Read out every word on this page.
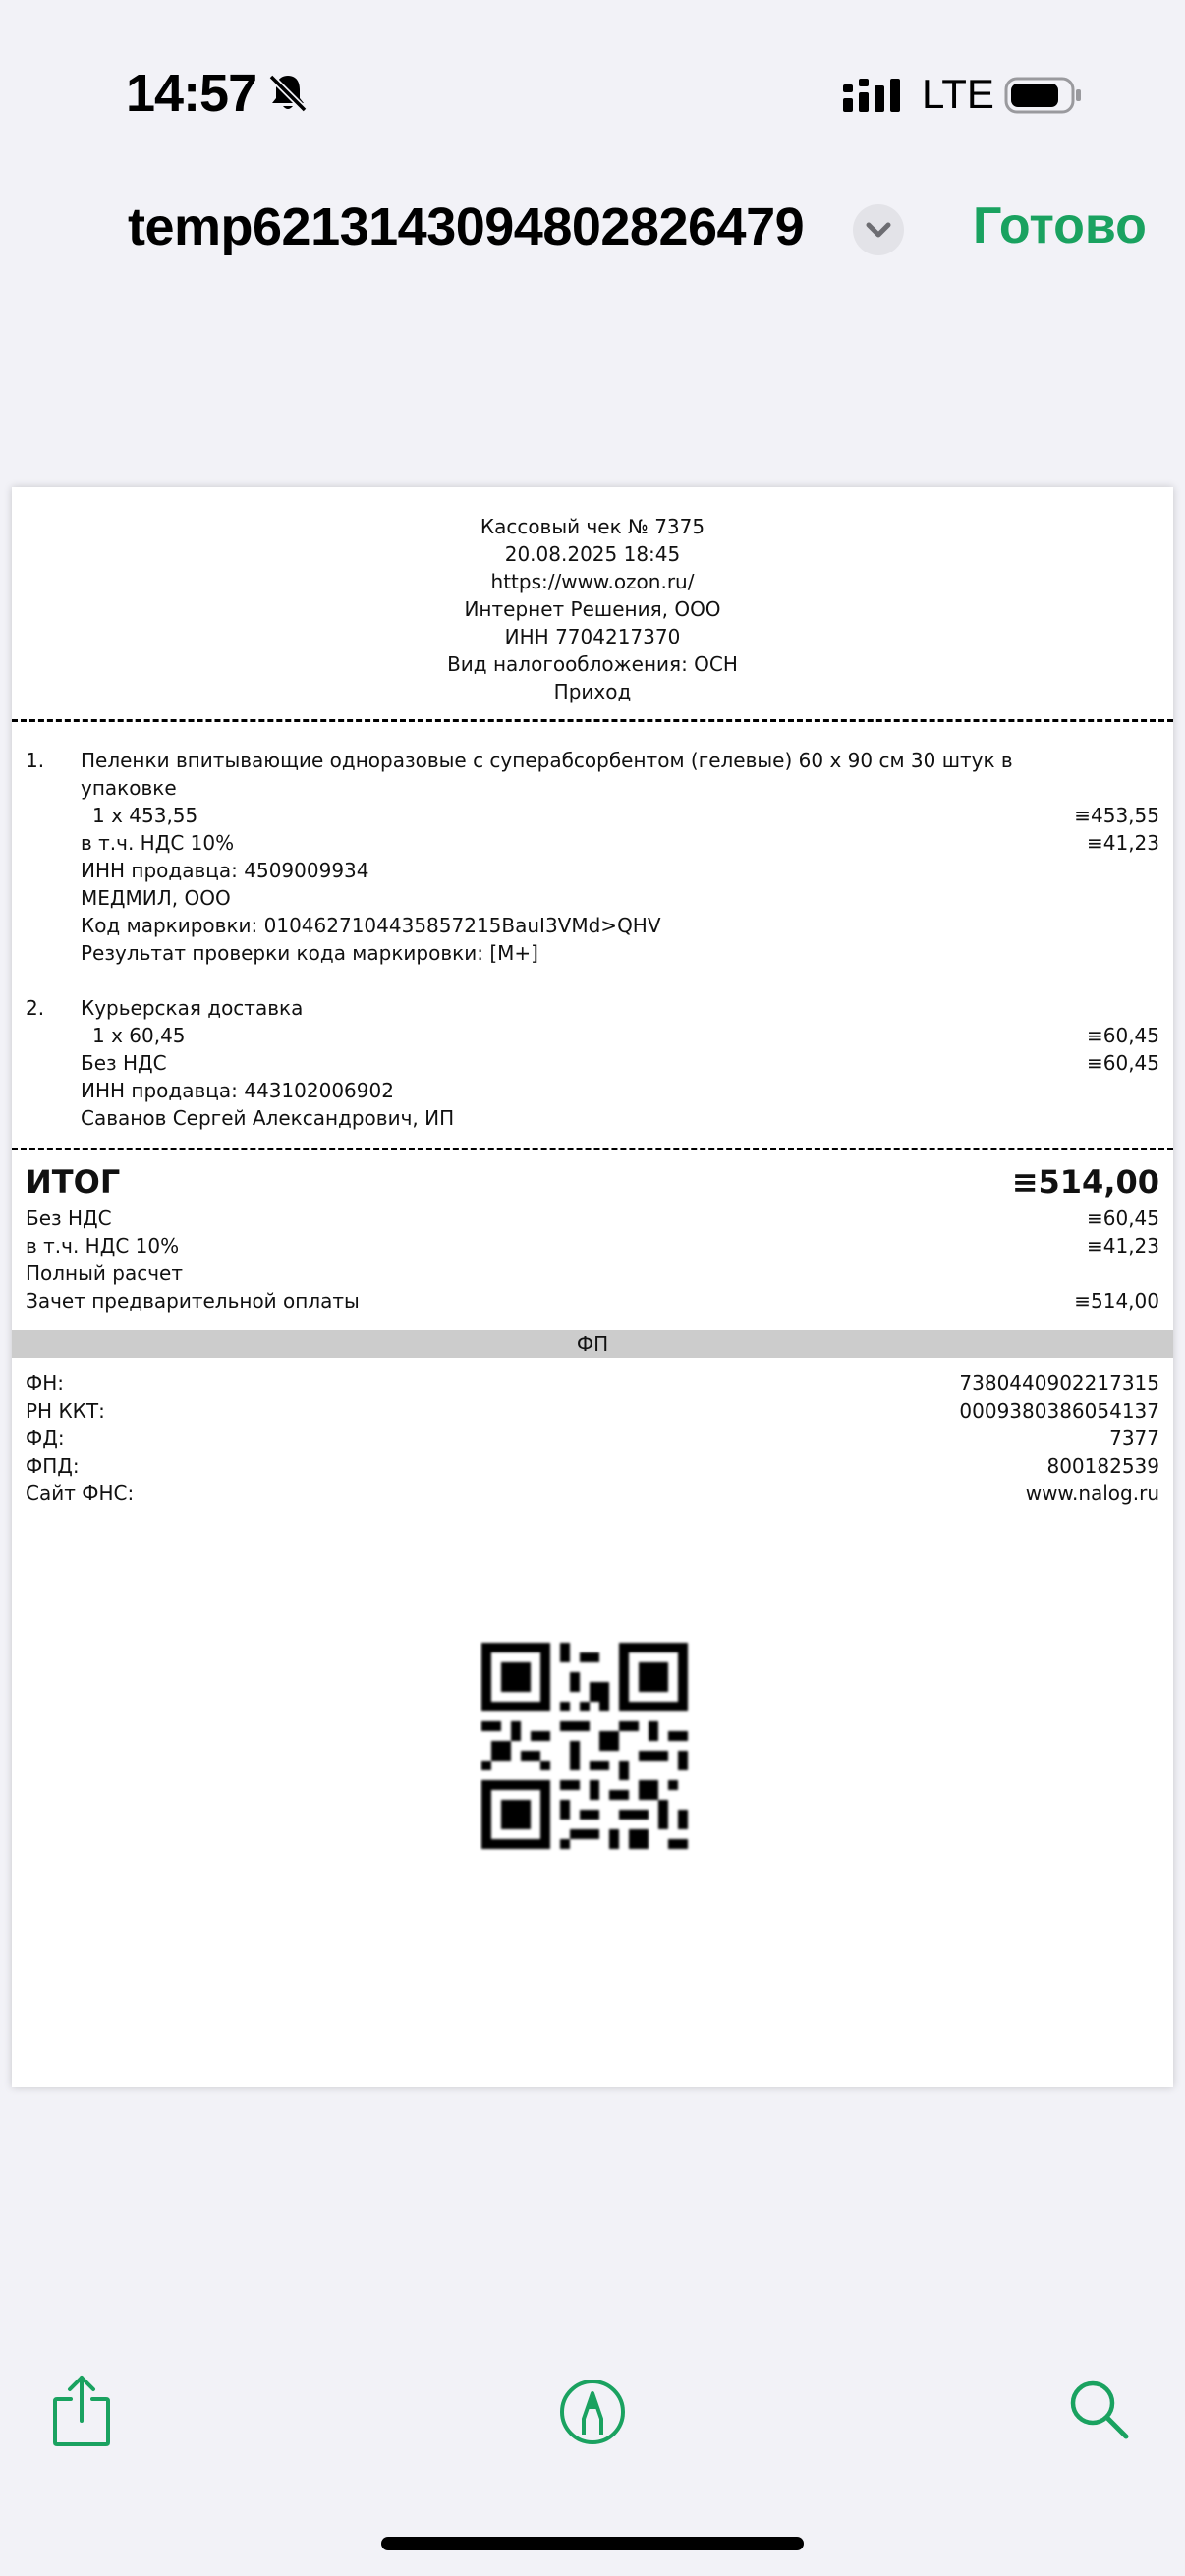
14:57	LTE
temp6213143094802826479	Готово
Кассовый чек № 7375
20.08.2025 18:45
https://www.ozon.ru/
Интернет Решения, ООО
ИНН 7704217370
Вид налогообложения: ОСН
Приход
1. Пеленки впитывающие одноразовые с суперабсорбентом (гелевые) 60 х 90 см 30 штук в
упаковке
1 x 453,55	≡453,55
в т.ч. НДС 10%	≡41,23
ИНН продавца: 4509009934
МЕДМИЛ, ООО
Код маркировки: 0104627104435857215BauI3VMd>QHV
Результат проверки кода маркировки: [M+]
2. Курьерская доставка
1 x 60,45	≡60,45
Без НДС	≡60,45
ИНН продавца: 443102006902
Саванов Сергей Александрович, ИП
ИТОГ	≡514,00
Без НДС	≡60,45
в т.ч. НДС 10%	≡41,23
Полный расчет
Зачет предварительной оплаты	≡514,00
ФП
ФН:	7380440902217315
РН ККТ:	0009380386054137
ФД:	7377
ФПД:	800182539
Сайт ФНС:	www.nalog.ru
